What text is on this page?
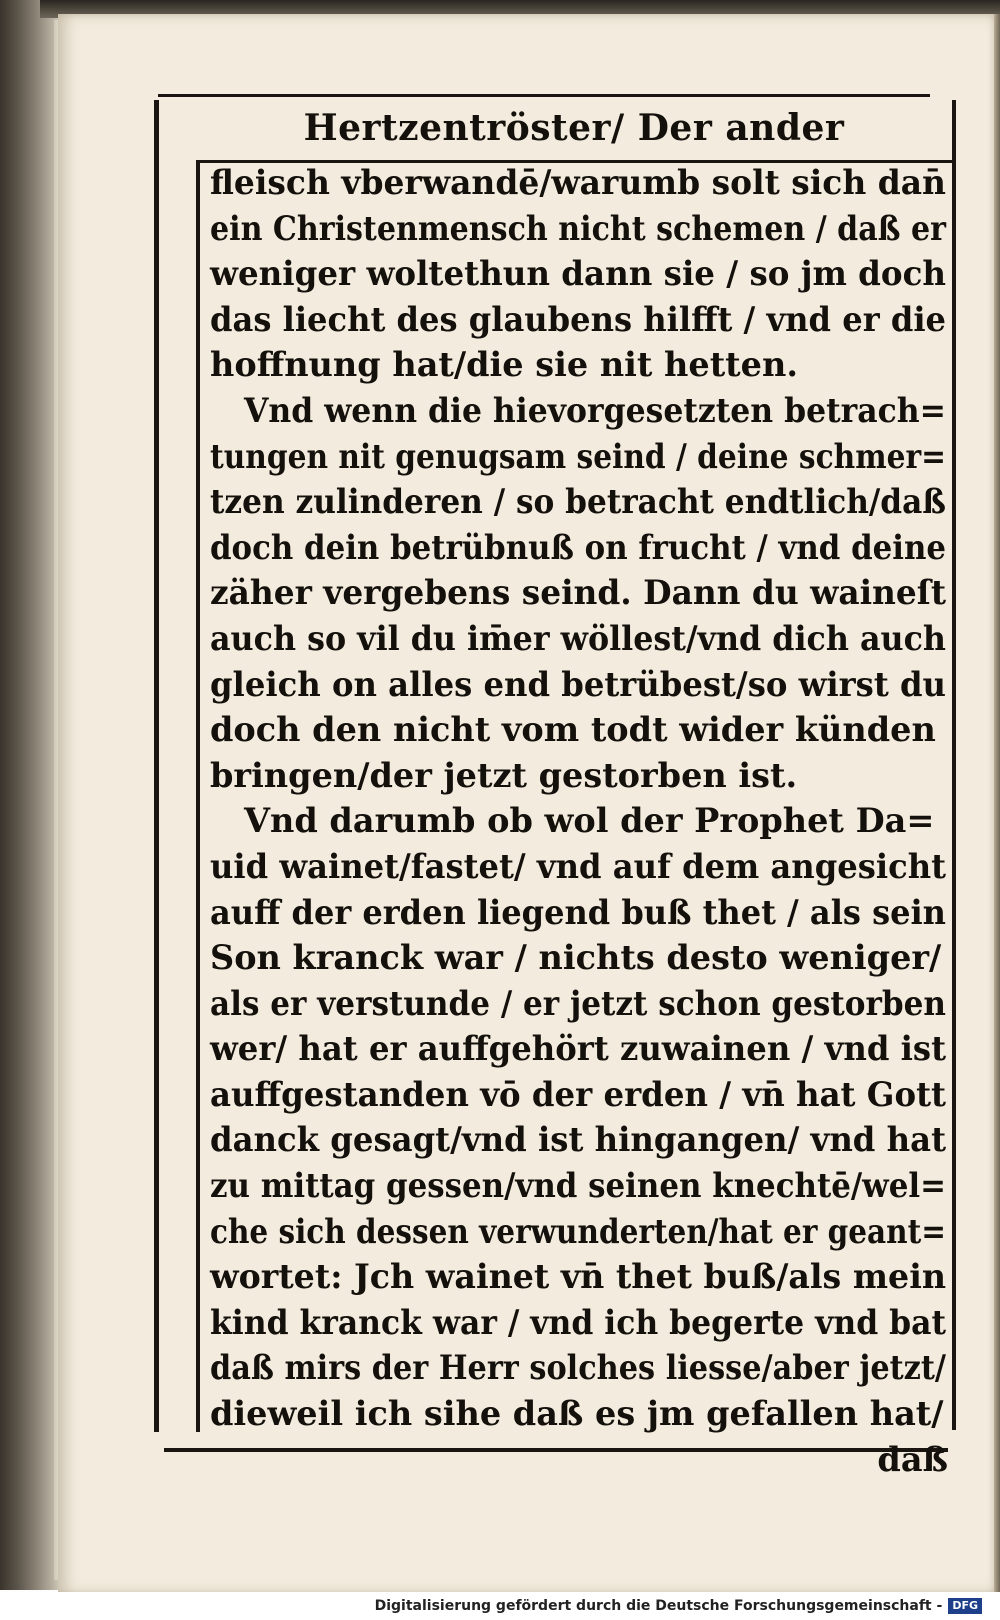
Hertzentröster/ Der ander
fleisch vberwandē/warumb solt sich dan̄
ein Christenmensch nicht schemen / daß er
weniger woltethun dann sie / so jm doch
das liecht des glaubens hilfft / vnd er die
hoffnung hat/die sie nit hetten.
Vnd wenn die hievorgesetzten betrach=
tungen nit genugsam seind / deine schmer=
tzen zulinderen / so betracht endtlich/daß
doch dein betrübnuß on frucht / vnd deine
zäher vergebens seind. Dann du waineſt
auch so vil du im̄er wöllest/vnd dich auch
gleich on alles end betrübest/so wirst du
doch den nicht vom todt wider künden
bringen/der jetzt gestorben ist.
Vnd darumb ob wol der Prophet Da=
uid wainet/fastet/ vnd auf dem angesicht
auff der erden liegend buß thet / als sein
Son kranck war / nichts desto weniger/
als er verstunde / er jetzt schon gestorben
wer/ hat er auffgehört zuwainen / vnd ist
auffgestanden vō der erden / vn̄ hat Gott
danck gesagt/vnd ist hingangen/ vnd hat
zu mittag gessen/vnd seinen knechtē/wel=
che sich dessen verwunderten/hat er geant=
wortet: Jch wainet vn̄ thet buß/als mein
kind kranck war / vnd ich begerte vnd bat
daß mirs der Herr solches liesse/aber jetzt/
dieweil ich sihe daß es jm gefallen hat/
daß
Digitalisierung gefördert durch die Deutsche Forschungsgemeinschaft - DFG
